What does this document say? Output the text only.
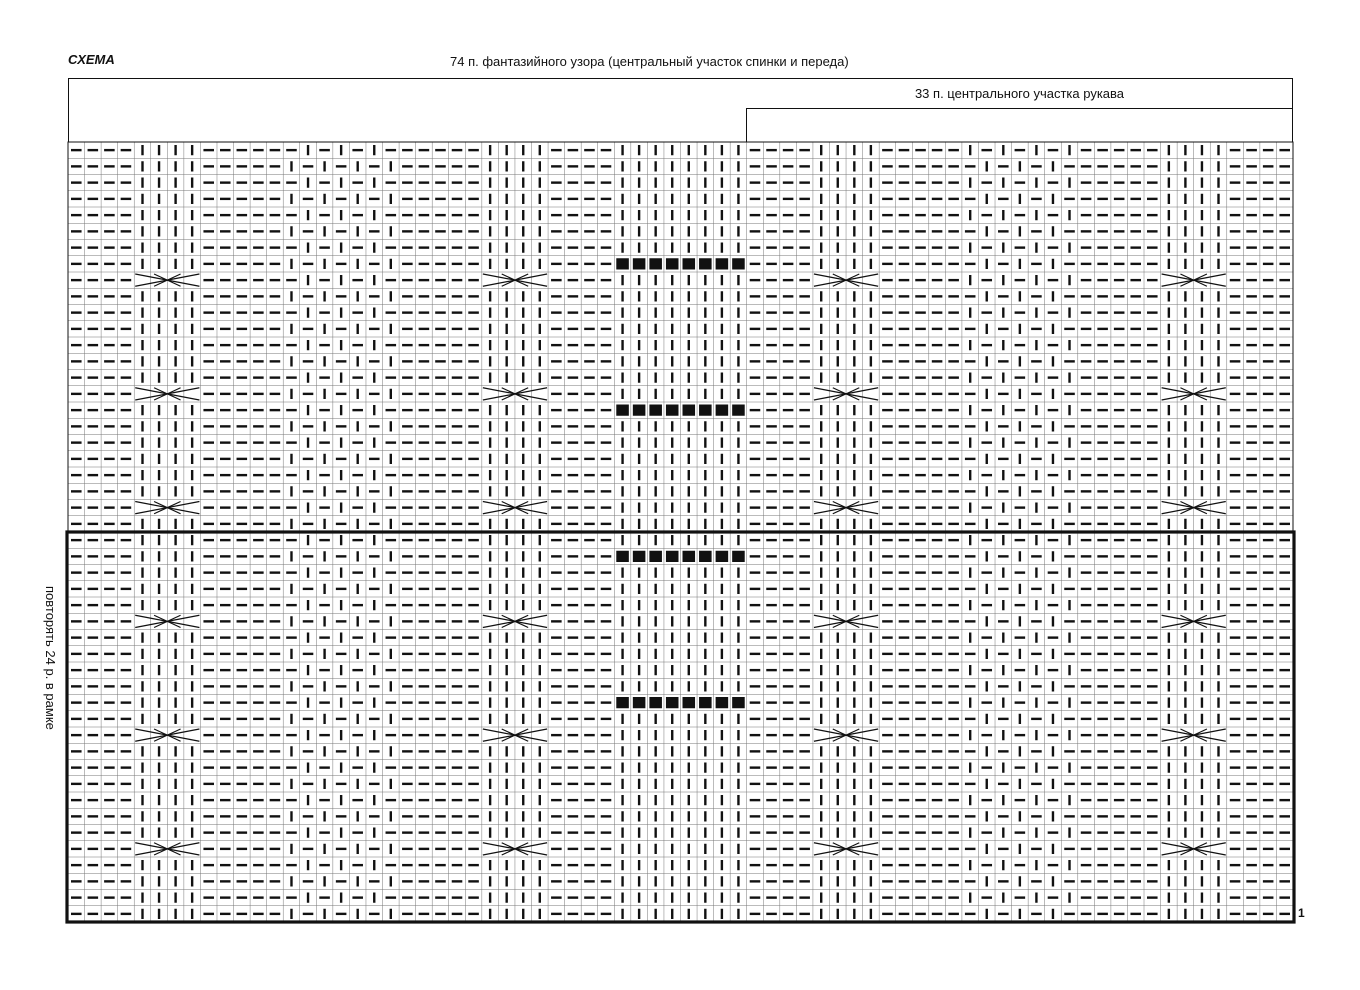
СХЕМА	74 п. фантазийного узора (центральный участок спинки и переда)
33 п. центрального участка рукава
повторять 24 р. в рамке
1
